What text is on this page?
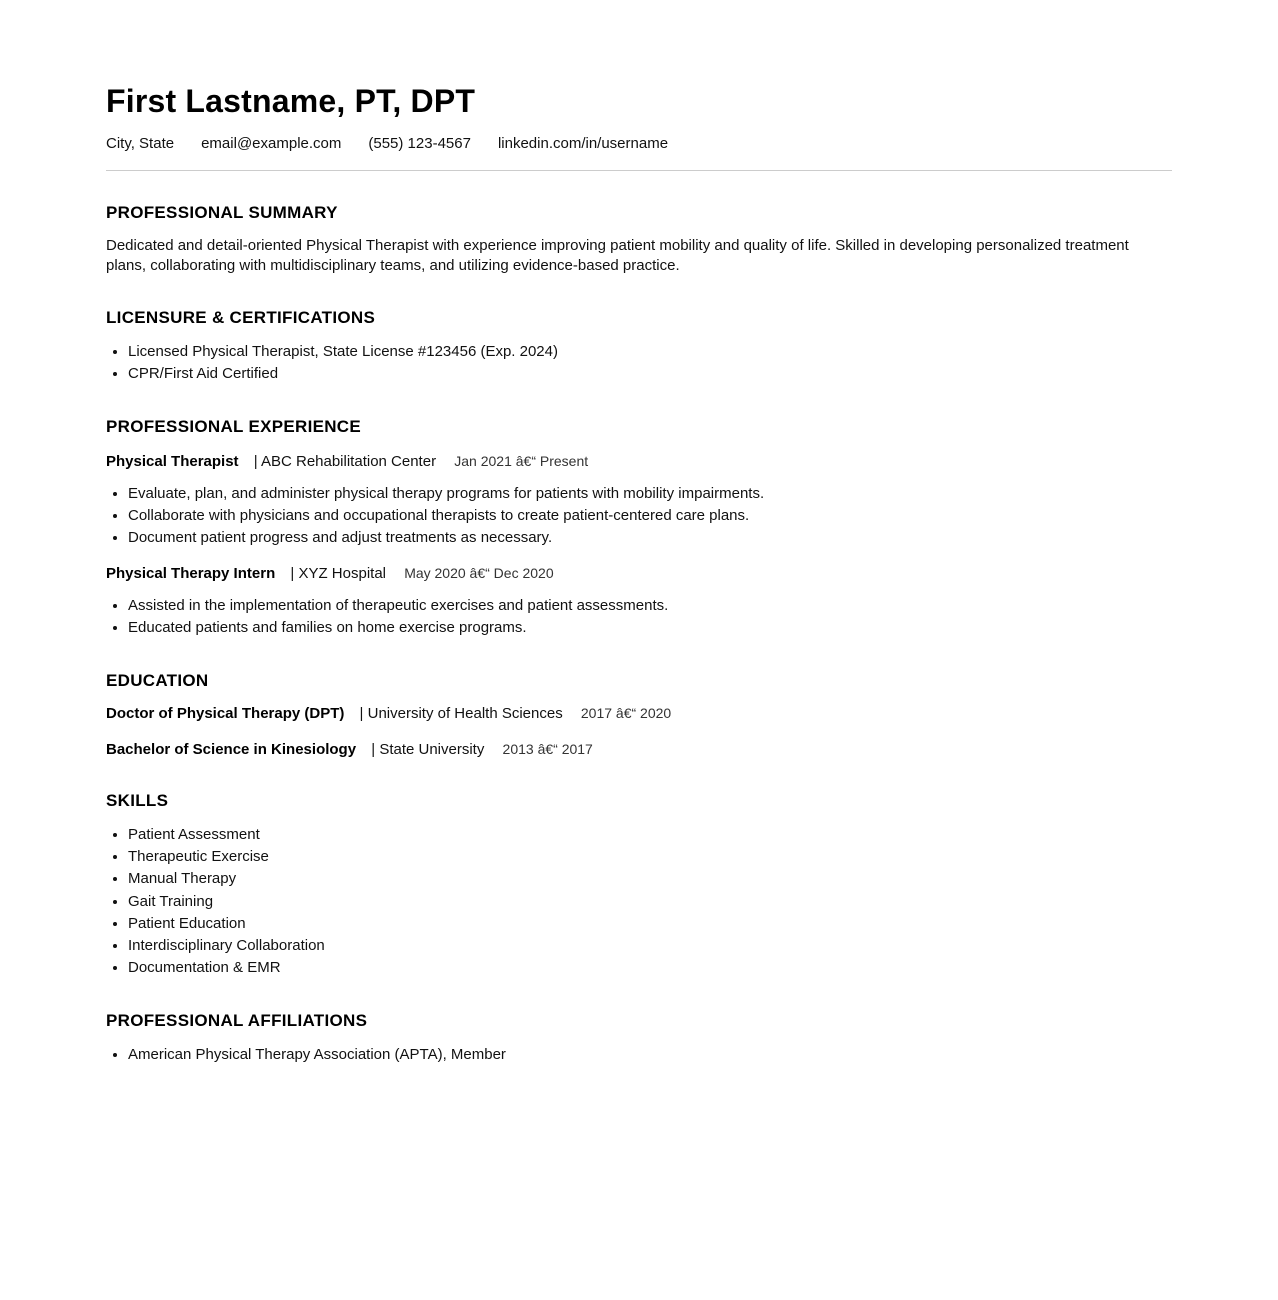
First Lastname, PT, DPT
City, State email@example.com (555) 123-4567 linkedin.com/in/username
PROFESSIONAL SUMMARY

Dedicated and detail-oriented Physical Therapist with experience improving patient mobility and quality of life. Skilled in developing personalized treatment plans, collaborating with multidisciplinary teams, and utilizing evidence-based practice.

LICENSURE & CERTIFICATIONS
• Licensed Physical Therapist, State License #123456 (Exp. 2024)
• CPR/First Aid Certified
PROFESSIONAL EXPERIENCE
Physical Therapist | ABC Rehabilitation Center Jan 2021 â€“ Present
• Evaluate, plan, and administer physical therapy programs for patients with mobility impairments.
• Collaborate with physicians and occupational therapists to create patient-centered care plans.
• Document patient progress and adjust treatments as necessary.
Physical Therapy Intern | XYZ Hospital May 2020 â€“ Dec 2020
• Assisted in the implementation of therapeutic exercises and patient assessments.
• Educated patients and families on home exercise programs.
EDUCATION
Doctor of Physical Therapy (DPT) | University of Health Sciences 2017 â€“ 2020
Bachelor of Science in Kinesiology | State University 2013 â€“ 2017
SKILLS
• Patient Assessment
• Therapeutic Exercise
• Manual Therapy
• Gait Training
• Patient Education
• Interdisciplinary Collaboration
• Documentation & EMR
PROFESSIONAL AFFILIATIONS
• American Physical Therapy Association (APTA), Member
